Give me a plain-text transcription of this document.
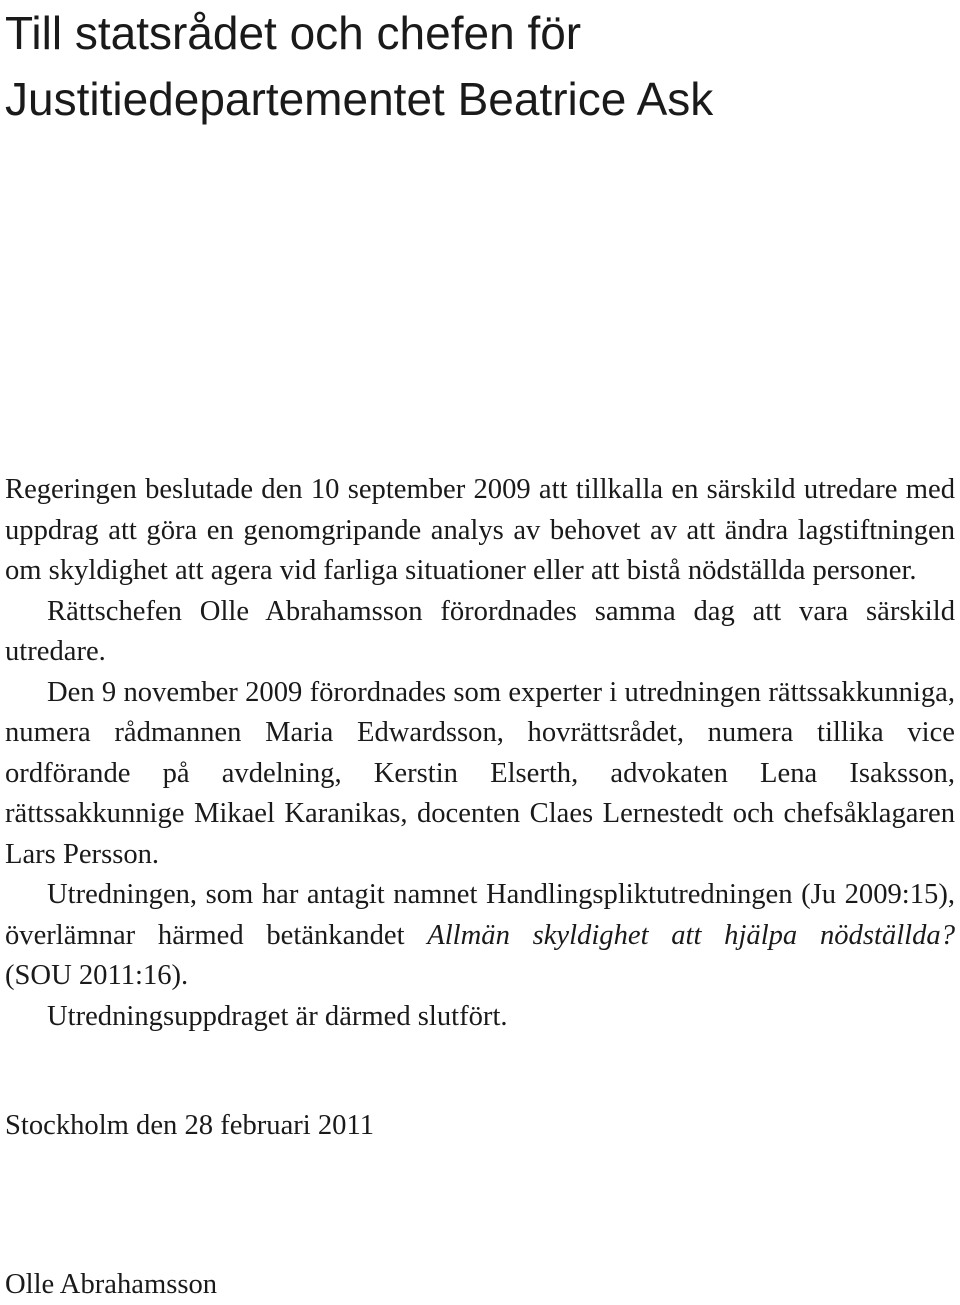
Till statsrådet och chefen för
Justitiedepartementet Beatrice Ask

Regeringen beslutade den 10 september 2009 att tillkalla en särskild utredare med uppdrag att göra en genomgripande analys av behovet av att ändra lagstiftningen om skyldighet att agera vid farliga situationer eller att bistå nödställda personer.

Rättschefen Olle Abrahamsson förordnades samma dag att vara särskild utredare.

Den 9 november 2009 förordnades som experter i utredningen rättssakkunniga, numera rådmannen Maria Edwardsson, hovrättsrådet, numera tillika vice ordförande på avdelning, Kerstin Elserth, advokaten Lena Isaksson, rättssakkunnige Mikael Karanikas, docenten Claes Lernestedt och chefsåklagaren Lars Persson.

Utredningen, som har antagit namnet Handlingspliktutredningen (Ju 2009:15), överlämnar härmed betänkandet Allmän skyldighet att hjälpa nödställda? (SOU 2011:16).

Utredningsuppdraget är därmed slutfört.

Stockholm den 28 februari 2011

Olle Abrahamsson
